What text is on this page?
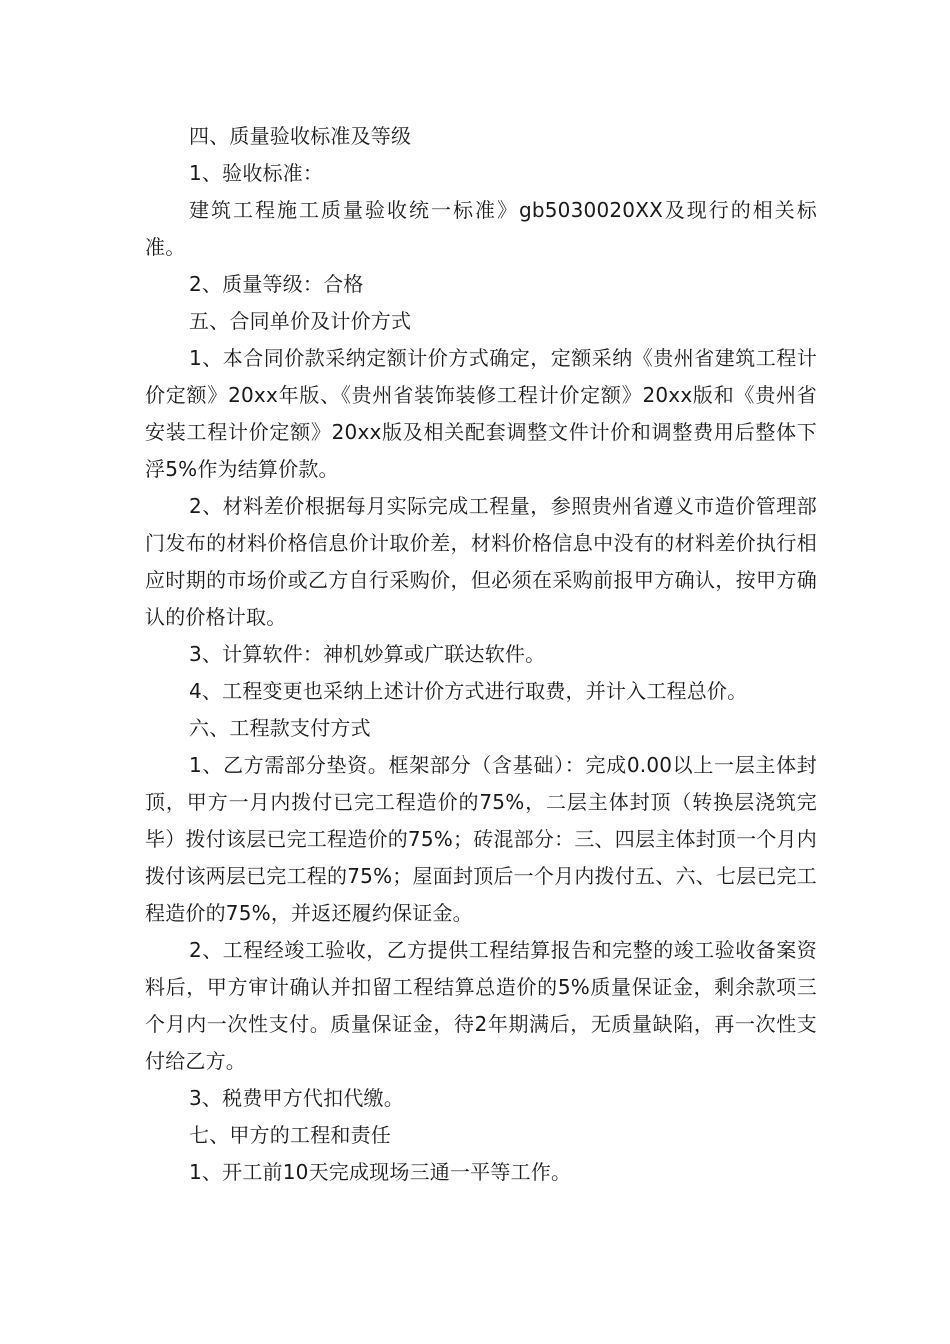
四、质量验收标准及等级

1、验收标准：

建筑工程施工质量验收统一标准》gb5030020XX及现行的相关标准。

2、质量等级：合格

五、合同单价及计价方式

1、本合同价款采纳定额计价方式确定，定额采纳《贵州省建筑工程计价定额》20xx年版、《贵州省装饰装修工程计价定额》20xx版和《贵州省安装工程计价定额》20xx版及相关配套调整文件计价和调整费用后整体下浮5%作为结算价款。

2、材料差价根据每月实际完成工程量，参照贵州省遵义市造价管理部门发布的材料价格信息价计取价差，材料价格信息中没有的材料差价执行相应时期的市场价或乙方自行采购价，但必须在采购前报甲方确认，按甲方确认的价格计取。

3、计算软件：神机妙算或广联达软件。

4、工程变更也采纳上述计价方式进行取费，并计入工程总价。

六、工程款支付方式

1、乙方需部分垫资。框架部分（含基础）：完成0.00以上一层主体封顶，甲方一月内拨付已完工程造价的75%，二层主体封顶（转换层浇筑完毕）拨付该层已完工程造价的75%；砖混部分：三、四层主体封顶一个月内拨付该两层已完工程的75%；屋面封顶后一个月内拨付五、六、七层已完工程造价的75%，并返还履约保证金。

2、工程经竣工验收，乙方提供工程结算报告和完整的竣工验收备案资料后，甲方审计确认并扣留工程结算总造价的5%质量保证金，剩余款项三个月内一次性支付。质量保证金，待2年期满后，无质量缺陷，再一次性支付给乙方。

3、税费甲方代扣代缴。

七、甲方的工程和责任

1、开工前10天完成现场三通一平等工作。
